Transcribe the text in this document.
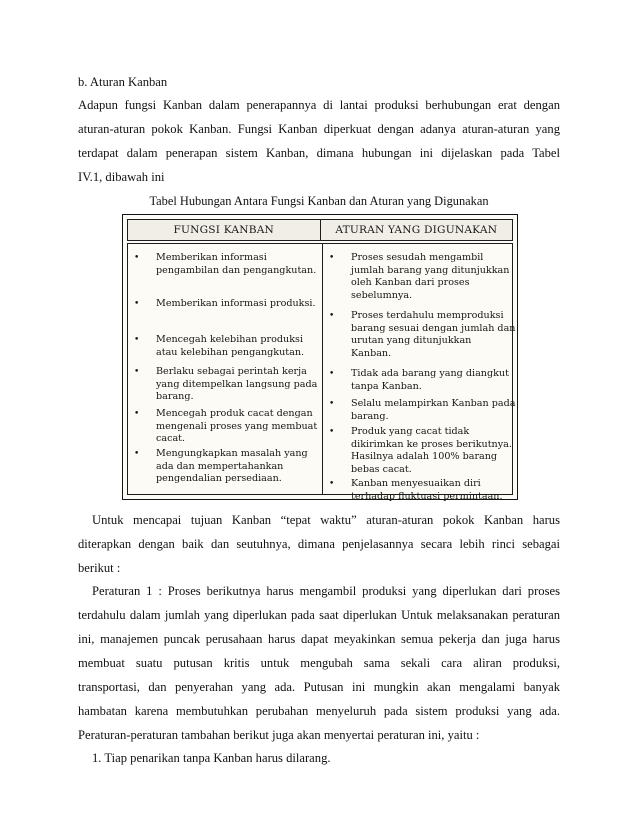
b. Aturan Kanban
Adapun fungsi Kanban dalam penerapannya di lantai produksi berhubungan erat dengan
aturan-aturan pokok Kanban. Fungsi Kanban diperkuat dengan adanya aturan-aturan yang
terdapat dalam penerapan sistem Kanban, dimana hubungan ini dijelaskan pada Tabel
IV.1, dibawah ini
Tabel Hubungan Antara Fungsi Kanban dan Aturan yang Digunakan
FUNGSI KANBAN	ATURAN YANG DIGUNAKAN
• Memberikan informasi
pengambilan dan pengangkutan.
• Memberikan informasi produksi.
• Mencegah kelebihan produksi
atau kelebihan pengangkutan.
• Berlaku sebagai perintah kerja
yang ditempelkan langsung pada
barang.
• Mencegah produk cacat dengan
mengenali proses yang membuat
cacat.
• Mengungkapkan masalah yang
ada dan mempertahankan
pengendalian persediaan.
• Proses sesudah mengambil
jumlah barang yang ditunjukkan
oleh Kanban dari proses
sebelumnya.
• Proses terdahulu memproduksi
barang sesuai dengan jumlah dan
urutan yang ditunjukkan
Kanban.
• Tidak ada barang yang diangkut
tanpa Kanban.
• Selalu melampirkan Kanban pada
barang.
• Produk yang cacat tidak
dikirimkan ke proses berikutnya.
Hasilnya adalah 100% barang
bebas cacat.
• Kanban menyesuaikan diri
terhadap fluktuasi permintaan.
Untuk mencapai tujuan Kanban “tepat waktu” aturan-aturan pokok Kanban harus
diterapkan dengan baik dan seutuhnya, dimana penjelasannya secara lebih rinci sebagai
berikut :
Peraturan 1 : Proses berikutnya harus mengambil produksi yang diperlukan dari proses
terdahulu dalam jumlah yang diperlukan pada saat diperlukan Untuk melaksanakan peraturan
ini, manajemen puncak perusahaan harus dapat meyakinkan semua pekerja dan juga harus
membuat suatu putusan kritis untuk mengubah sama sekali cara aliran produksi,
transportasi, dan penyerahan yang ada. Putusan ini mungkin akan mengalami banyak
hambatan karena membutuhkan perubahan menyeluruh pada sistem produksi yang ada.
Peraturan-peraturan tambahan berikut juga akan menyertai peraturan ini, yaitu :
1. Tiap penarikan tanpa Kanban harus dilarang.
